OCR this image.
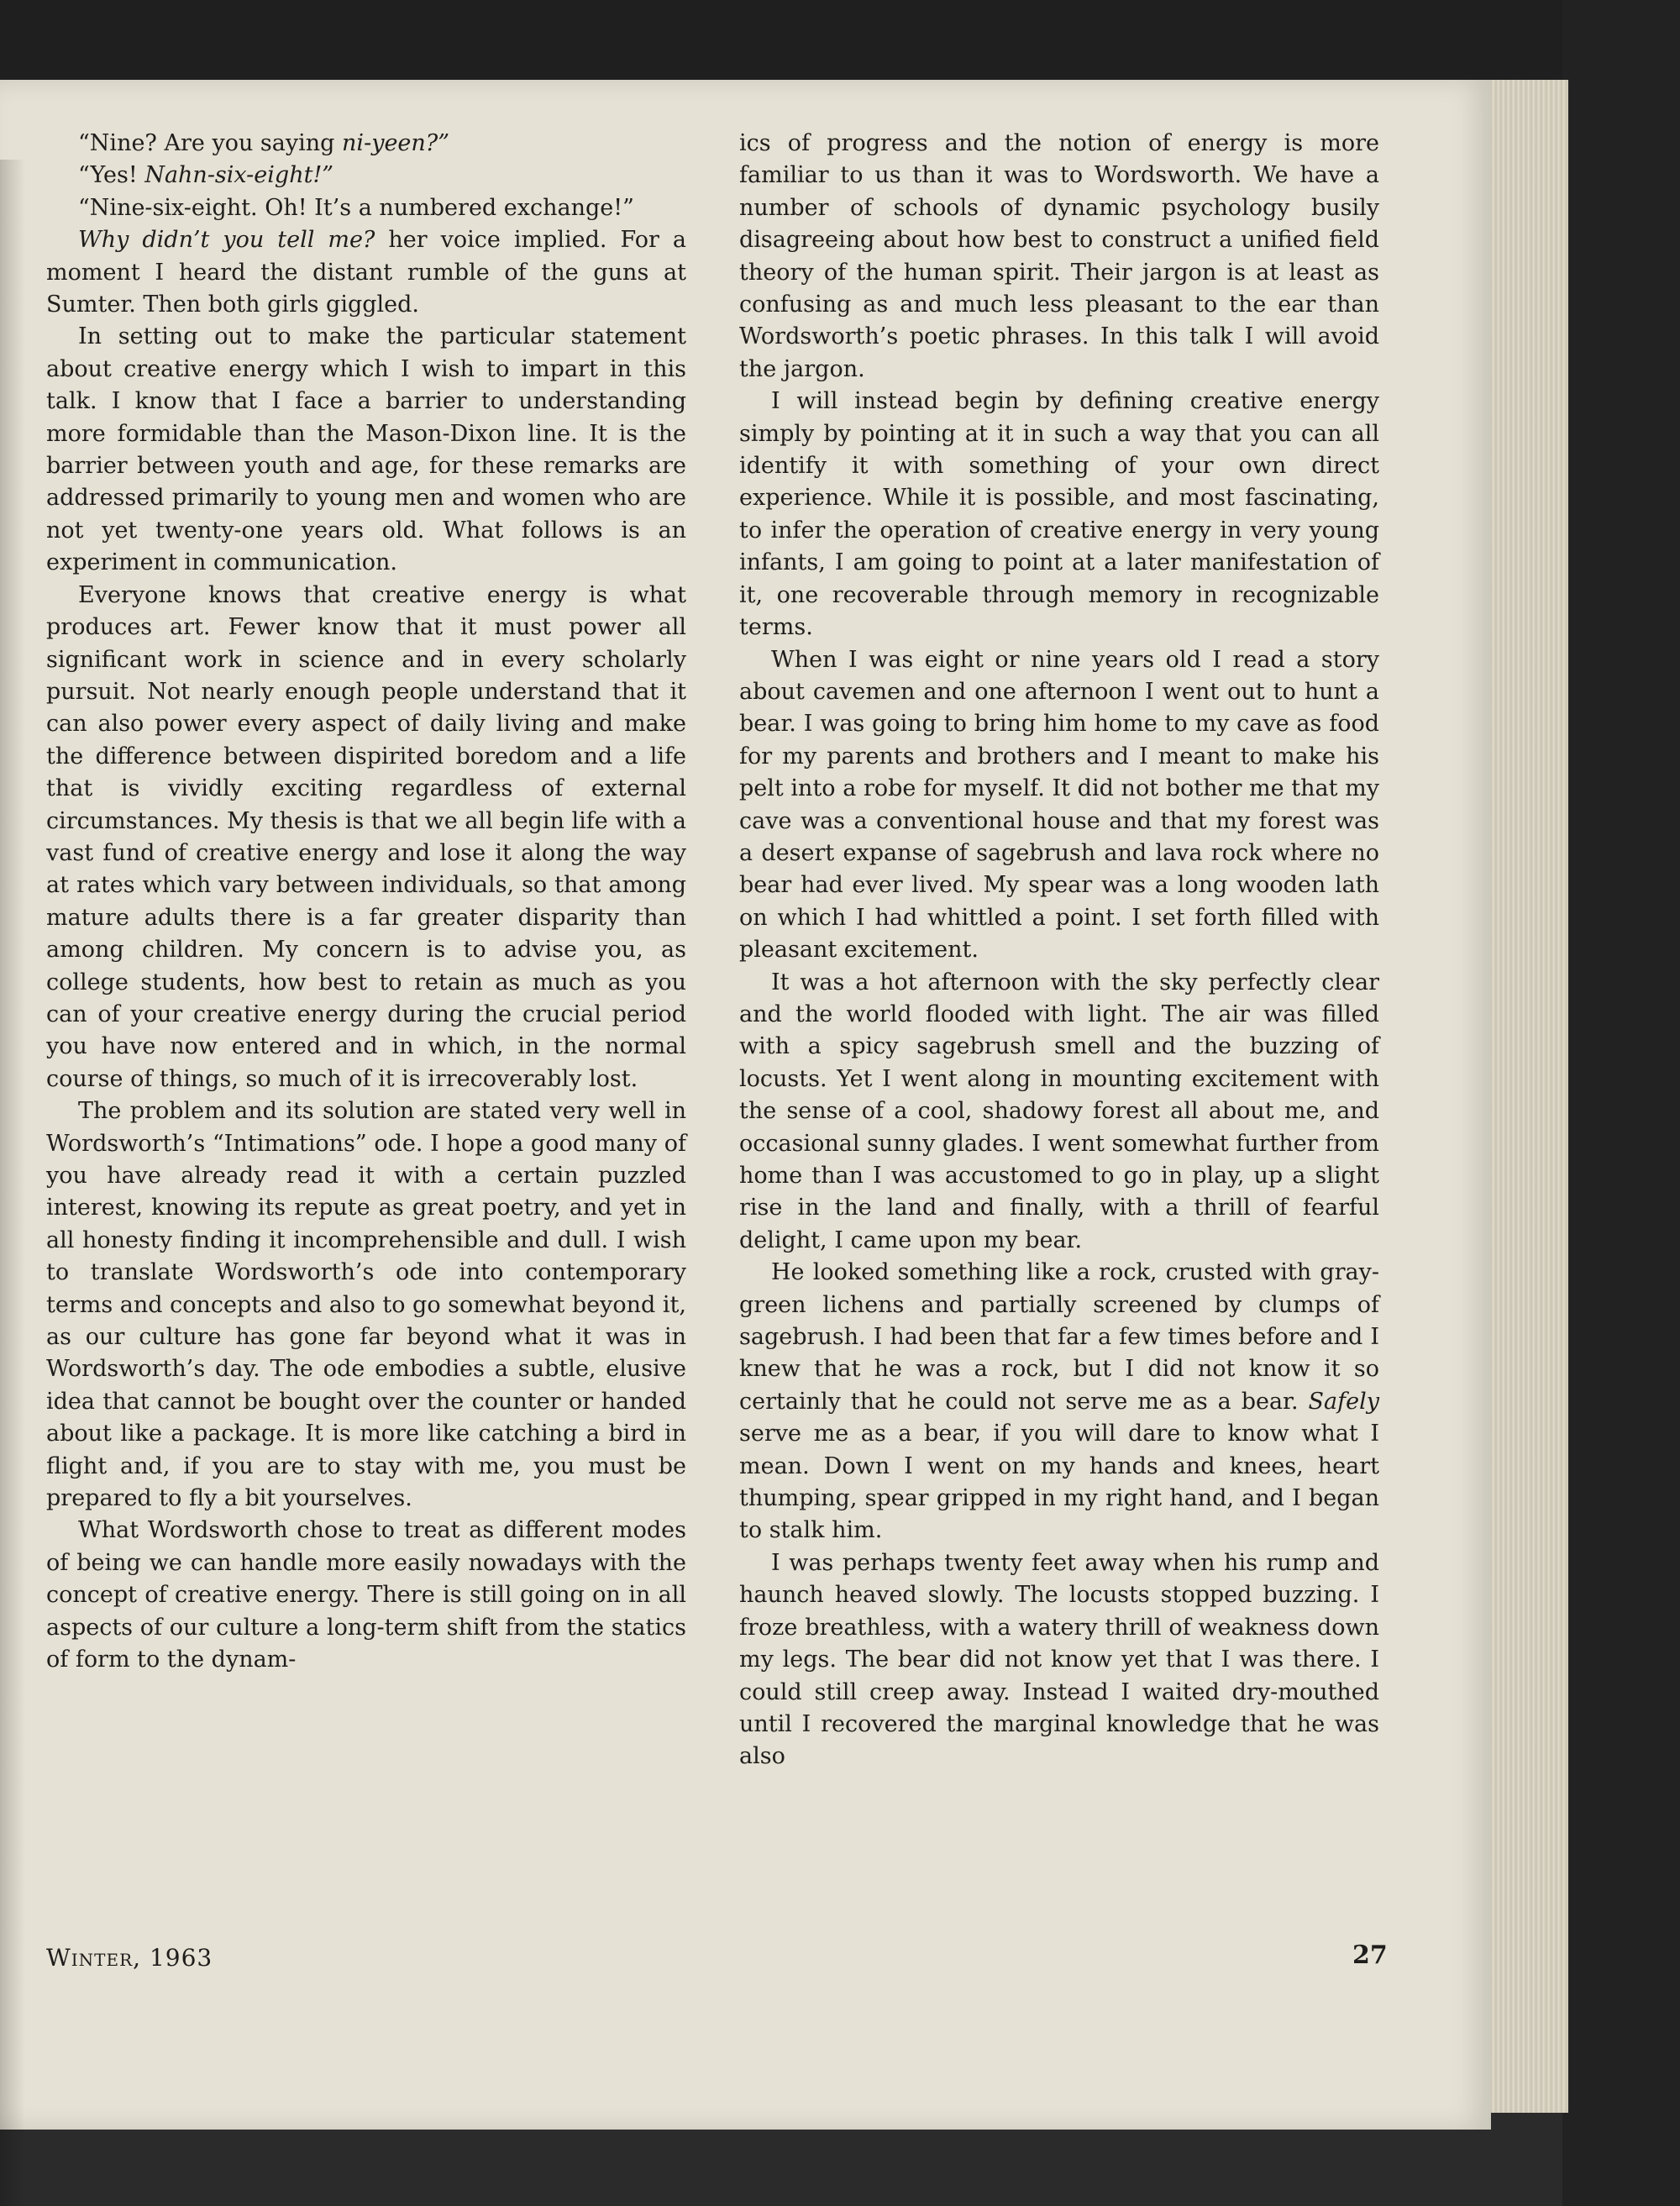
“Nine? Are you saying ni-yeen?”

“Yes! Nahn-six-eight!”

“Nine-six-eight. Oh! It’s a numbered exchange!”

Why didn’t you tell me? her voice implied. For a moment I heard the distant rumble of the guns at Sumter. Then both girls giggled.

In setting out to make the particular statement about creative energy which I wish to impart in this talk. I know that I face a barrier to understanding more formidable than the Mason-Dixon line. It is the barrier between youth and age, for these remarks are addressed primarily to young men and women who are not yet twenty-one years old. What follows is an experiment in communication.

Everyone knows that creative energy is what produces art. Fewer know that it must power all significant work in science and in every scholarly pursuit. Not nearly enough people understand that it can also power every aspect of daily living and make the difference between dispirited boredom and a life that is vividly exciting regardless of external circumstances. My thesis is that we all begin life with a vast fund of creative energy and lose it along the way at rates which vary between individuals, so that among mature adults there is a far greater disparity than among children. My concern is to advise you, as college students, how best to retain as much as you can of your creative energy during the crucial period you have now entered and in which, in the normal course of things, so much of it is irrecoverably lost.

The problem and its solution are stated very well in Wordsworth’s “Intimations” ode. I hope a good many of you have already read it with a certain puzzled interest, knowing its repute as great poetry, and yet in all honesty finding it incomprehensible and dull. I wish to translate Wordsworth’s ode into contemporary terms and concepts and also to go somewhat beyond it, as our culture has gone far beyond what it was in Wordsworth’s day. The ode embodies a subtle, elusive idea that cannot be bought over the counter or handed about like a package. It is more like catching a bird in flight and, if you are to stay with me, you must be prepared to fly a bit yourselves.

What Wordsworth chose to treat as different modes of being we can handle more easily nowadays with the concept of creative energy. There is still going on in all aspects of our culture a long-term shift from the statics of form to the dynam-

ics of progress and the notion of energy is more familiar to us than it was to Wordsworth. We have a number of schools of dynamic psychology busily disagreeing about how best to construct a unified field theory of the human spirit. Their jargon is at least as confusing as and much less pleasant to the ear than Wordsworth’s poetic phrases. In this talk I will avoid the jargon.

I will instead begin by defining creative energy simply by pointing at it in such a way that you can all identify it with something of your own direct experience. While it is possible, and most fascinating, to infer the operation of creative energy in very young infants, I am going to point at a later manifestation of it, one recoverable through memory in recognizable terms.

When I was eight or nine years old I read a story about cavemen and one afternoon I went out to hunt a bear. I was going to bring him home to my cave as food for my parents and brothers and I meant to make his pelt into a robe for myself. It did not bother me that my cave was a conventional house and that my forest was a desert expanse of sagebrush and lava rock where no bear had ever lived. My spear was a long wooden lath on which I had whittled a point. I set forth filled with pleasant excitement.

It was a hot afternoon with the sky perfectly clear and the world flooded with light. The air was filled with a spicy sagebrush smell and the buzzing of locusts. Yet I went along in mounting excitement with the sense of a cool, shadowy forest all about me, and occasional sunny glades. I went somewhat further from home than I was accustomed to go in play, up a slight rise in the land and finally, with a thrill of fearful delight, I came upon my bear.

He looked something like a rock, crusted with gray-green lichens and partially screened by clumps of sagebrush. I had been that far a few times before and I knew that he was a rock, but I did not know it so certainly that he could not serve me as a bear. Safely serve me as a bear, if you will dare to know what I mean. Down I went on my hands and knees, heart thumping, spear gripped in my right hand, and I began to stalk him.

I was perhaps twenty feet away when his rump and haunch heaved slowly. The locusts stopped buzzing. I froze breathless, with a watery thrill of weakness down my legs. The bear did not know yet that I was there. I could still creep away. Instead I waited dry-mouthed until I recovered the marginal knowledge that he was also

Winter, 1963	27
